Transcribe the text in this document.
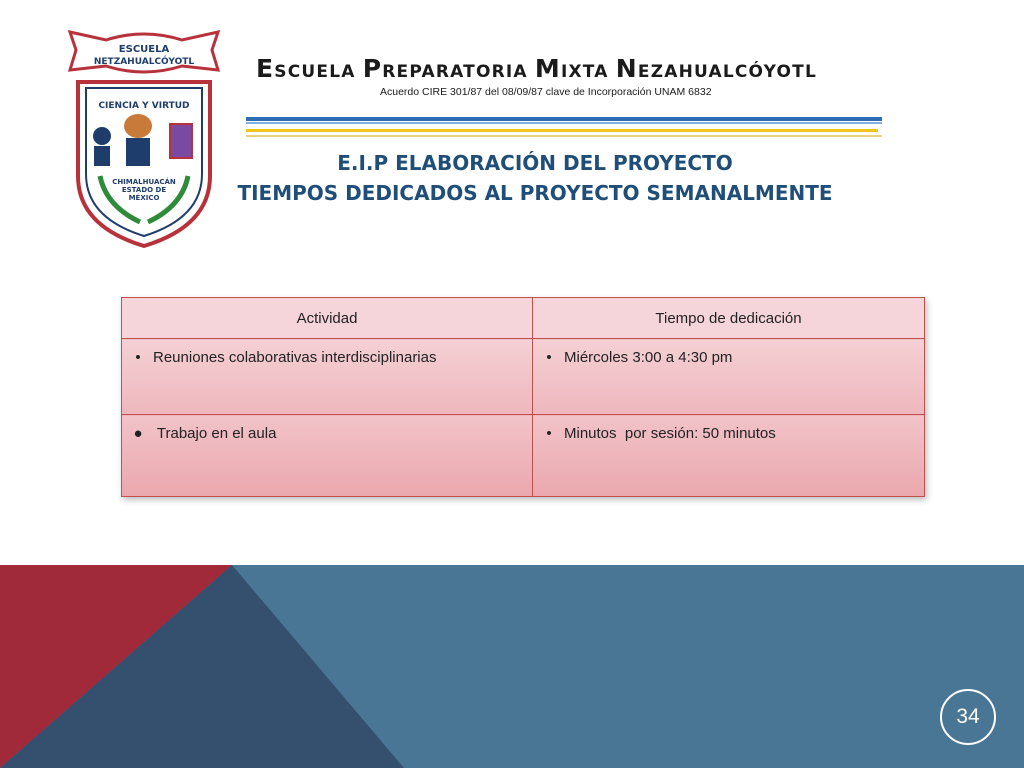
ESCUELA
NETZAHUALCÓYOTL
CIENCIA Y VIRTUD
CHIMALHUACÁN
ESTADO DE
MÉXICO
ESCUELA PREPARATORIA MIXTA NEZAHUALCÓYOTL
Acuerdo CIRE 301/87 del 08/09/87 clave de Incorporación UNAM 6832
E.I.P ELABORACIÓN DEL PROYECTO
TIEMPOS DEDICADOS AL PROYECTO SEMANALMENTE
Actividad	Tiempo de dedicación

• Reuniones colaborativas interdisciplinarias	• Miércoles 3:00 a 4:30 pm

● Trabajo en el aula	• Minutos  por sesión: 50 minutos
34
